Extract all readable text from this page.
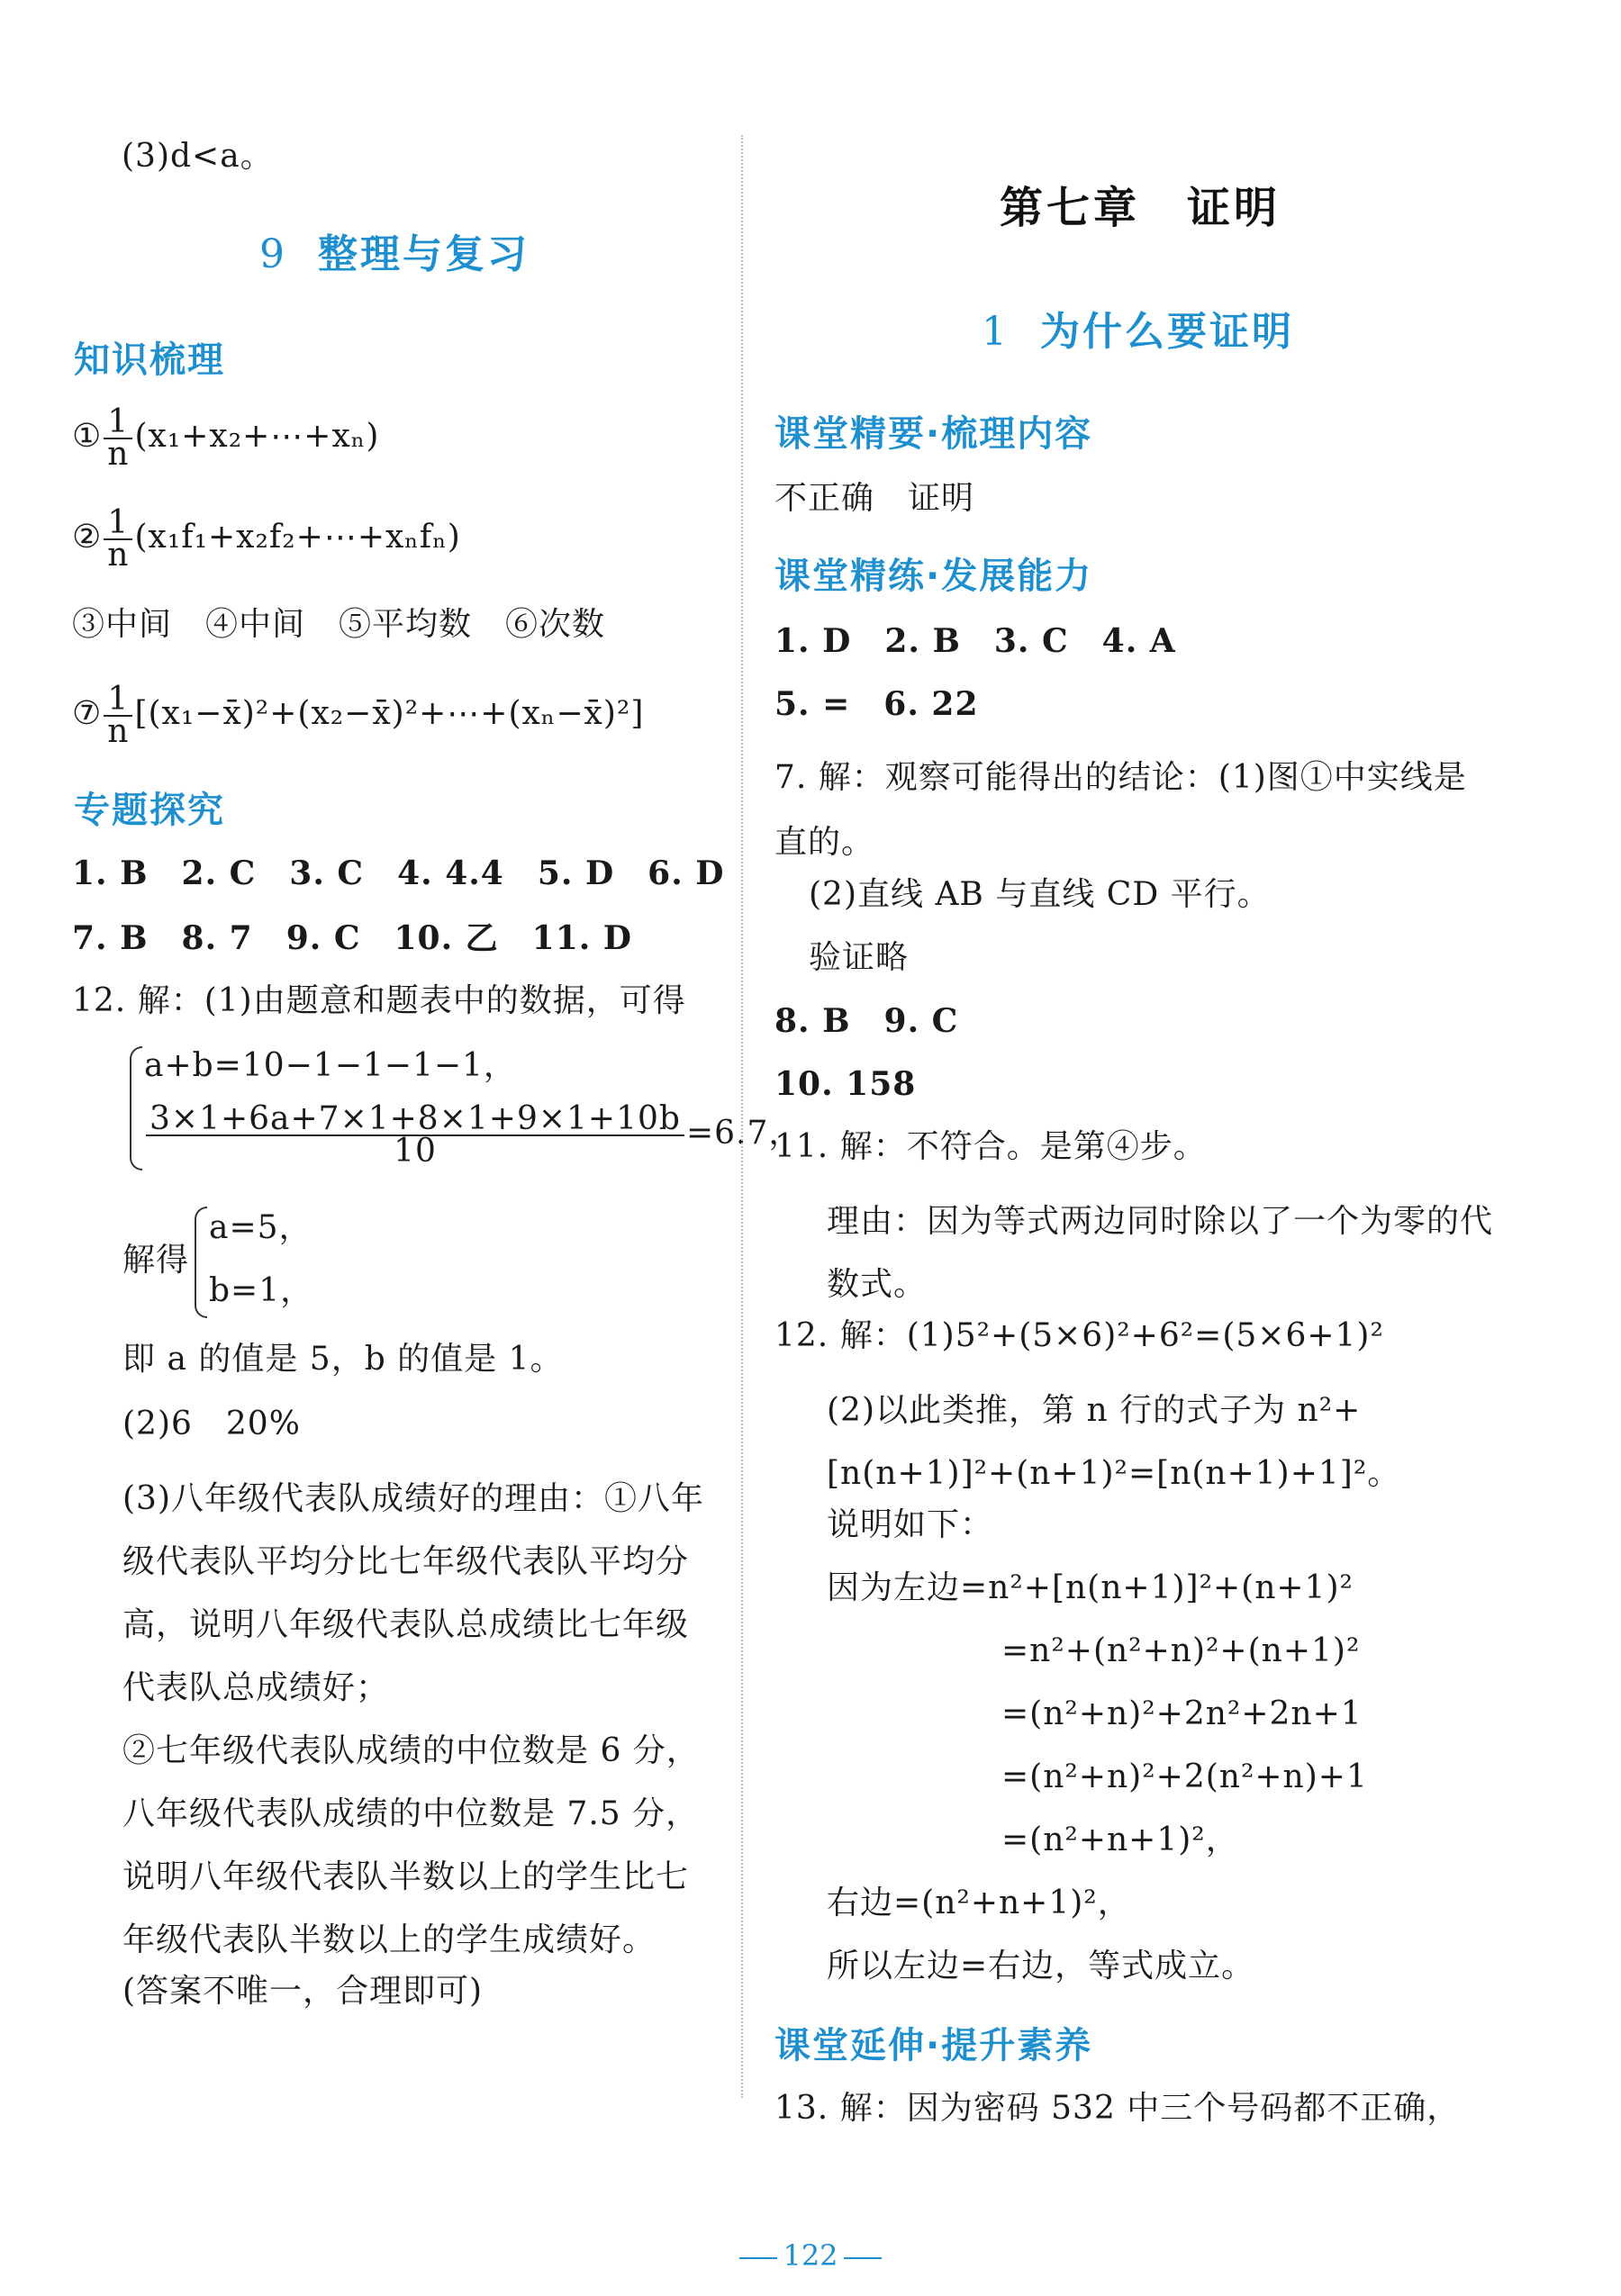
(3)d<a。
9 整理与复习
知识梳理
① $\frac{1}{n}$ (x₁+x₂+⋯+xₙ)
② $\frac{1}{n}$ (x₁f₁+x₂f₂+⋯+xₙfₙ)
③中间　④中间　⑤平均数　⑥次数
⑦ $\frac{1}{n}$ [(x₁−x̄)²+(x₂−x̄)²+⋯+(xₙ−x̄)²]
专题探究
1. B　2. C　3. C　4. 4.4　5. D　6. D
7. B　8. 7　9. C　10. 乙　11. D
12. 解：(1)由题意和题表中的数据，可得
a+b=10−1−1−1−1，
$\frac{3\times 1+6a+7\times 1+8\times 1+9\times 1+10b}{10} =6.7$，
解得
a=5，
b=1，
即 a 的值是 5，b 的值是 1。
(2)6　20%
(3)八年级代表队成绩好的理由：①八年级代表队平均分比七年级代表队平均分高，说明八年级代表队总成绩比七年级代表队总成绩好；
②七年级代表队成绩的中位数是 6 分，八年级代表队成绩的中位数是 7.5 分，说明八年级代表队半数以上的学生比七年级代表队半数以上的学生成绩好。
(答案不唯一，合理即可)
第七章　证明
1 为什么要证明
课堂精要·梳理内容
不正确　证明
课堂精练·发展能力
1. D　2. B　3. C　4. A
5. =　6. 22
7. 解：观察可能得出的结论：(1)图①中实线是直的。
(2)直线 AB 与直线 CD 平行。
验证略
8. B　9. C
10. 158
11. 解：不符合。是第④步。
理由：因为等式两边同时除以了一个为零的代数式。
12. 解：(1)5²+(5×6)²+6²=(5×6+1)²
(2)以此类推，第 n 行的式子为 n²+[n(n+1)]²+(n+1)²=[n(n+1)+1]²。
说明如下：
因为左边=n²+[n(n+1)]²+(n+1)²
=n²+(n²+n)²+(n+1)²
=(n²+n)²+2n²+2n+1
=(n²+n)²+2(n²+n)+1
=(n²+n+1)²，
右边=(n²+n+1)²，
所以左边=右边，等式成立。
课堂延伸·提升素养
13. 解：因为密码 532 中三个号码都不正确，
122
